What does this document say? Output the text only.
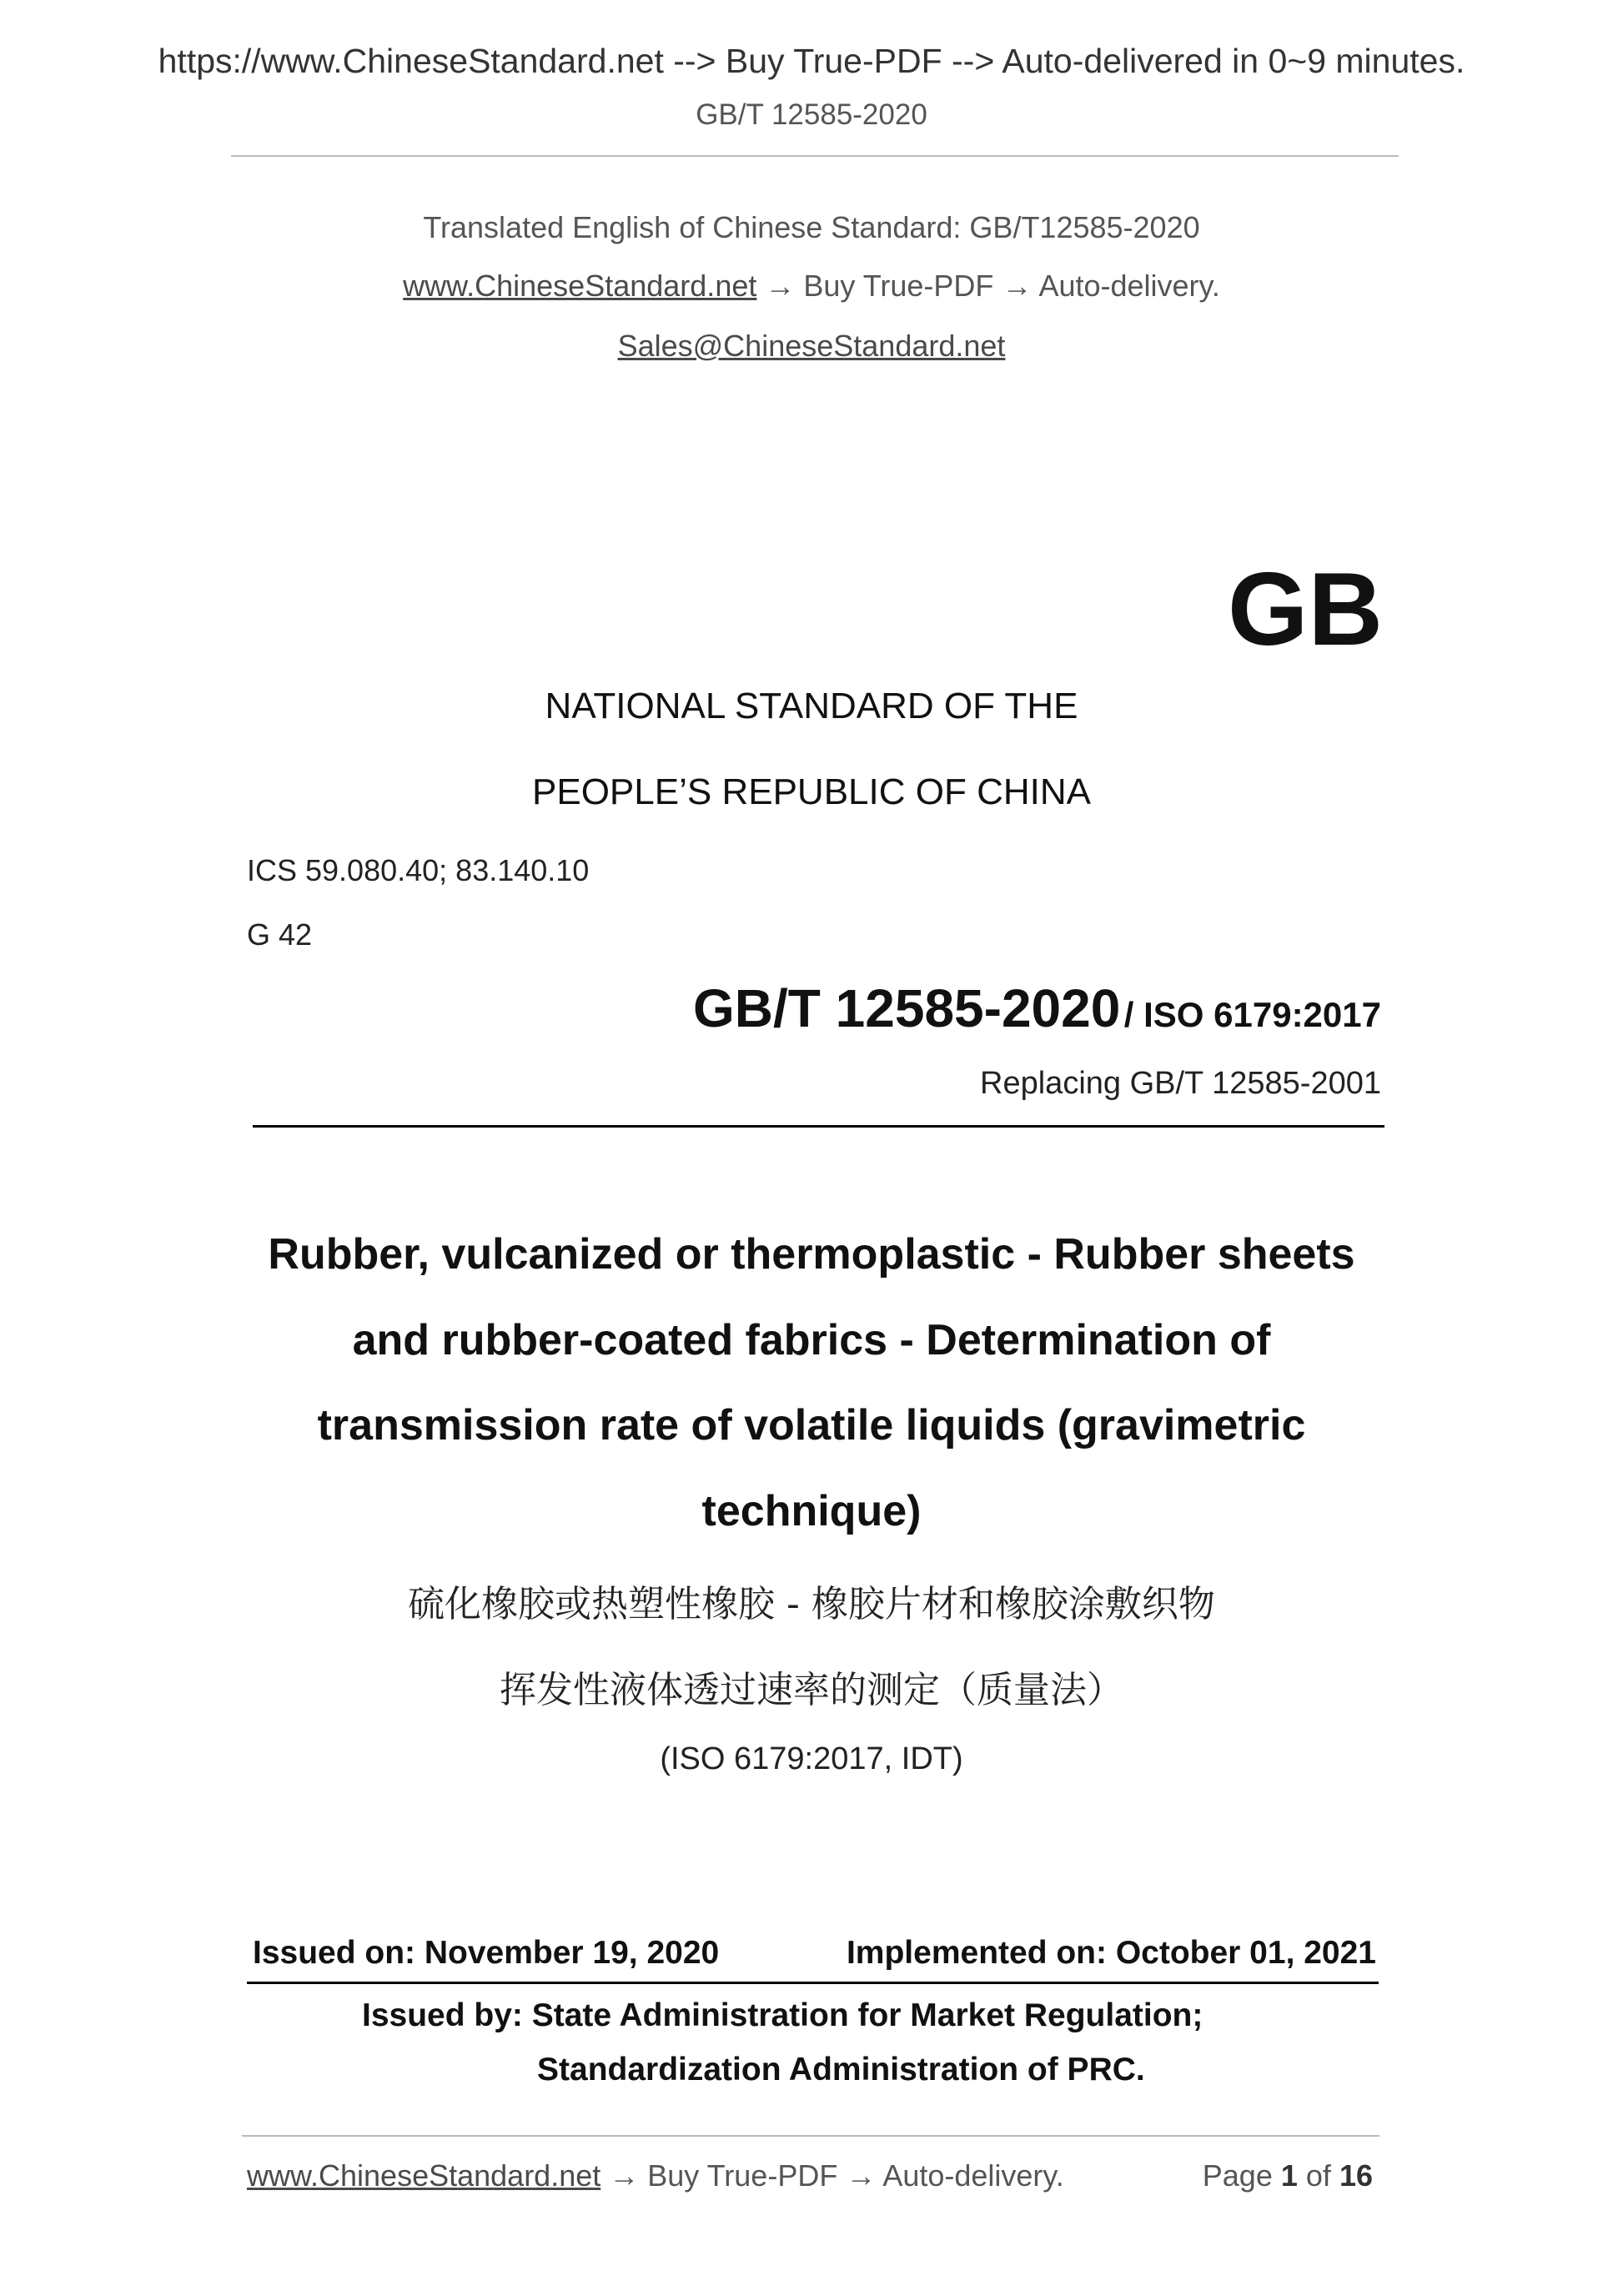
https://www.ChineseStandard.net --> Buy True-PDF --> Auto-delivered in 0~9 minutes.
GB/T 12585-2020
Translated English of Chinese Standard: GB/T12585-2020
www.ChineseStandard.net → Buy True-PDF → Auto-delivery.
Sales@ChineseStandard.net
GB
NATIONAL STANDARD OF THE
PEOPLE’S REPUBLIC OF CHINA
ICS 59.080.40; 83.140.10
G 42
GB/T 12585-2020 / ISO 6179:2017
Replacing GB/T 12585-2001
Rubber, vulcanized or thermoplastic - Rubber sheets
and rubber-coated fabrics - Determination of
transmission rate of volatile liquids (gravimetric
technique)
硫化橡胶或热塑性橡胶 - 橡胶片材和橡胶涂敷织物
挥发性液体透过速率的测定（质量法）
(ISO 6179:2017, IDT)
Issued on: November 19, 2020	Implemented on: October 01, 2021
Issued by: State Administration for Market Regulation;
Standardization Administration of PRC.
www.ChineseStandard.net → Buy True-PDF → Auto-delivery.	Page 1 of 16
